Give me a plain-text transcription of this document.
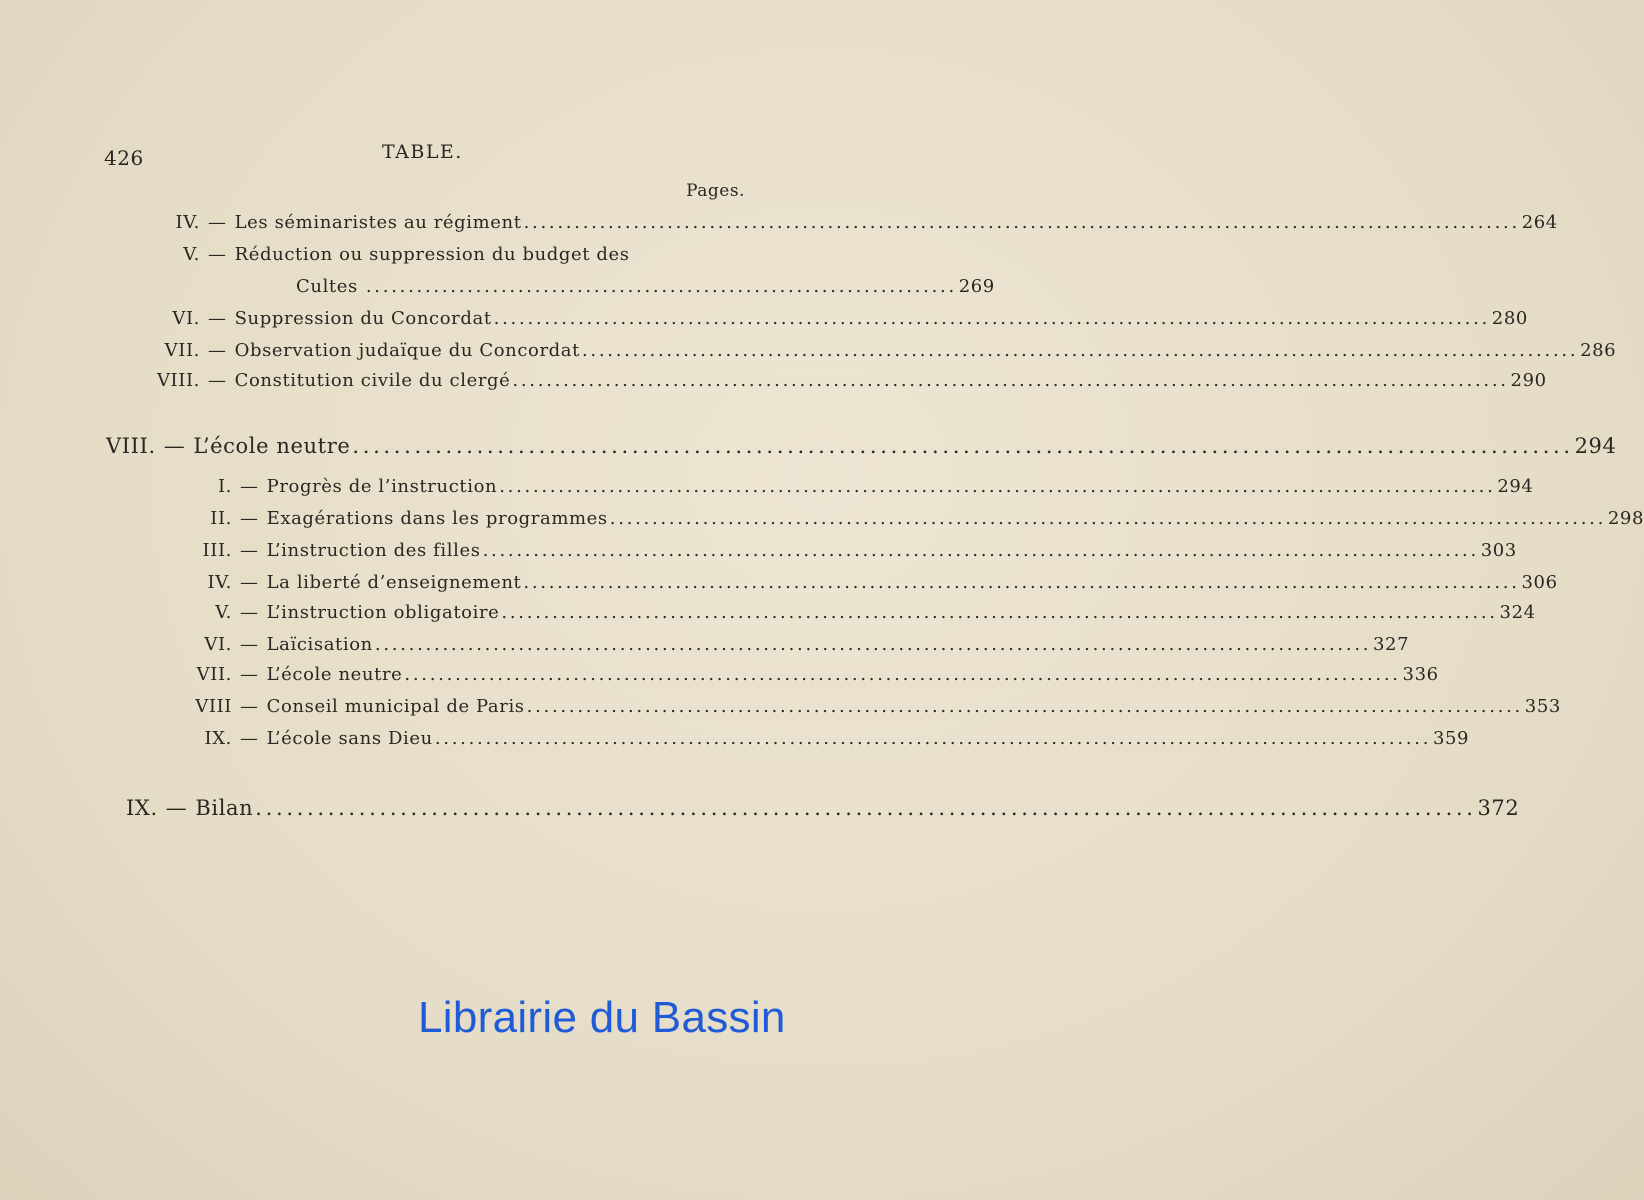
426	TABLE.
Pages.
IV. — Les séminaristes au régiment . . .	264
V. — Réduction ou suppression du budget des
Cultes . . . . . . . . . . . . . . . . . . . . . . . . . . . . . . . . . . . . . . . . . . . . . . . . . . . . . . . . . . . . . . . . . . . . . . 269
VI. — Suppression du Concordat . . .	280
VII. — Observation judaïque du Concordat . . .	286
VIII. — Constitution civile du clergé . . .	290
VIII. — L’école neutre . . .	294
I. — Progrès de l’instruction . . .	294
II. — Exagérations dans les programmes . . .	298
III. — L’instruction des filles . . .	303
IV. — La liberté d’enseignement . . .	306
V. — L’instruction obligatoire . . .	324
VI. — Laïcisation . . .	327
VII. — L’école neutre . . .	336
VIII — Conseil municipal de Paris . . .	353
IX. — L’école sans Dieu . . .	359
IX. — Bilan . . .	372
Librairie du Bassin
